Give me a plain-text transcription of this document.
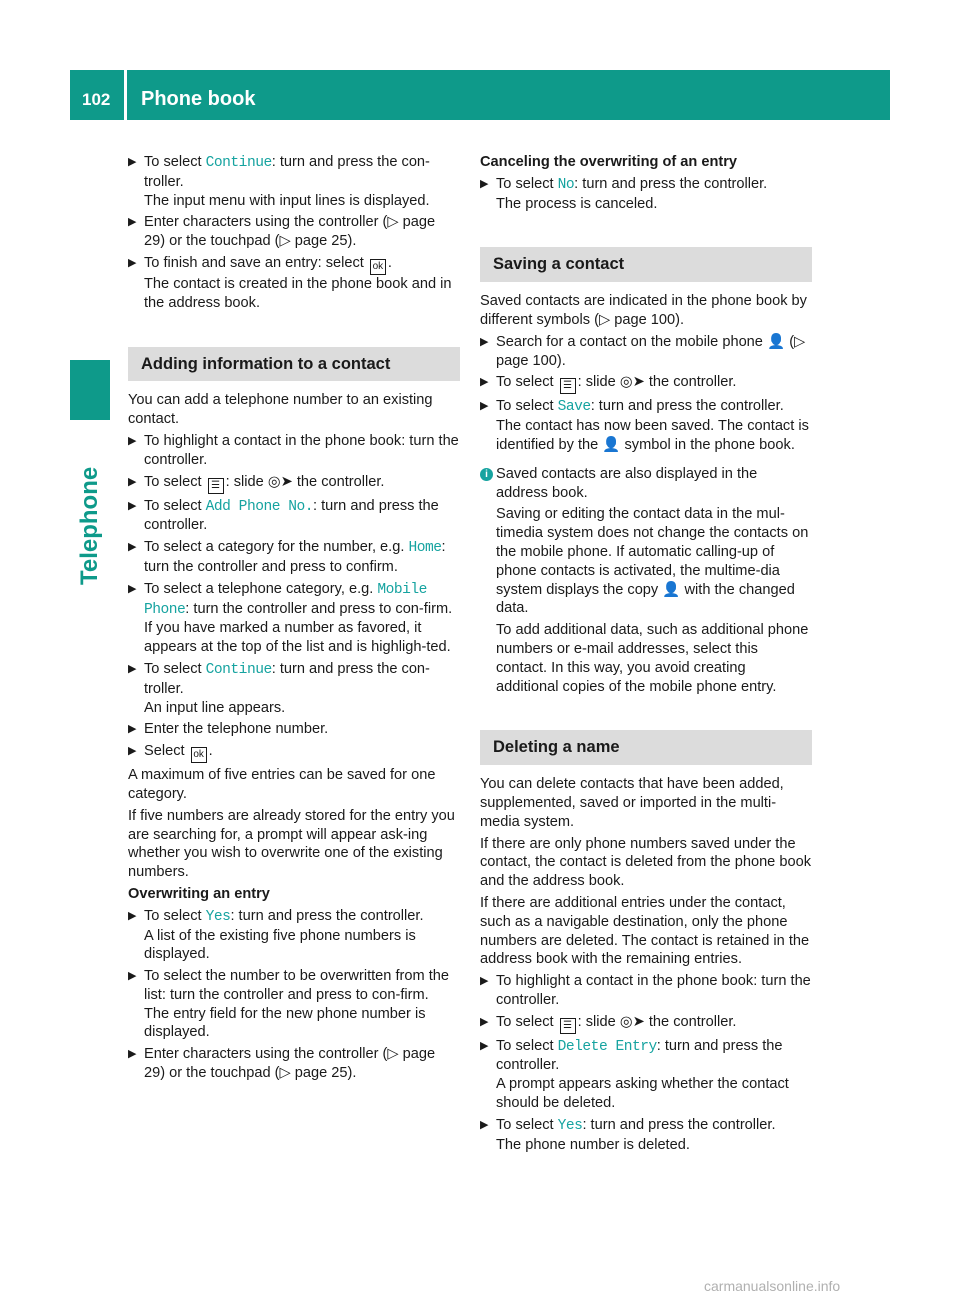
102 Phone book
Telephone
▶ To select Continue: turn and press the con-troller.
The input menu with input lines is displayed.
▶ Enter characters using the controller (▷ page 29) or the touchpad (▷ page 25).
▶ To finish and save an entry: select ok .
The contact is created in the phone book and in the address book.
Adding information to a contact
You can add a telephone number to an existing contact.
▶ To highlight a contact in the phone book: turn the controller.
▶ To select ☰ : slide ◎➤ the controller.
▶ To select Add Phone No.: turn and press the controller.
▶ To select a category for the number, e.g. Home: turn the controller and press to confirm.
▶ To select a telephone category, e.g. Mobile Phone: turn the controller and press to con-firm.
If you have marked a number as favored, it appears at the top of the list and is highligh-ted.
▶ To select Continue: turn and press the con-troller.
An input line appears.
▶ Enter the telephone number.
▶ Select ok .
A maximum of five entries can be saved for one category.
If five numbers are already stored for the entry you are searching for, a prompt will appear ask-ing whether you wish to overwrite one of the existing numbers.
Overwriting an entry
▶ To select Yes: turn and press the controller.
A list of the existing five phone numbers is displayed.
▶ To select the number to be overwritten from the list: turn the controller and press to con-firm.
The entry field for the new phone number is displayed.
▶ Enter characters using the controller (▷ page 29) or the touchpad (▷ page 25).
Canceling the overwriting of an entry
▶ To select No: turn and press the controller.
The process is canceled.
Saving a contact
Saved contacts are indicated in the phone book by different symbols (▷ page 100).
▶ Search for a contact on the mobile phone 👤 (▷ page 100).
▶ To select ☰ : slide ◎➤ the controller.
▶ To select Save: turn and press the controller.
The contact has now been saved. The contact is identified by the 👤 symbol in the phone book.
i Saved contacts are also displayed in the address book.
Saving or editing the contact data in the mul-timedia system does not change the contacts on the mobile phone. If automatic calling-up of phone contacts is activated, the multime-dia system displays the copy 👤 with the changed data.
To add additional data, such as additional phone numbers or e-mail addresses, select this contact. In this way, you avoid creating additional copies of the mobile phone entry.
Deleting a name
You can delete contacts that have been added, supplemented, saved or imported in the multi-media system.
If there are only phone numbers saved under the contact, the contact is deleted from the phone book and the address book.
If there are additional entries under the contact, such as a navigable destination, only the phone numbers are deleted. The contact is retained in the address book with the remaining entries.
▶ To highlight a contact in the phone book: turn the controller.
▶ To select ☰ : slide ◎➤ the controller.
▶ To select Delete Entry: turn and press the controller.
A prompt appears asking whether the contact should be deleted.
▶ To select Yes: turn and press the controller.
The phone number is deleted.
carmanualsonline.info
